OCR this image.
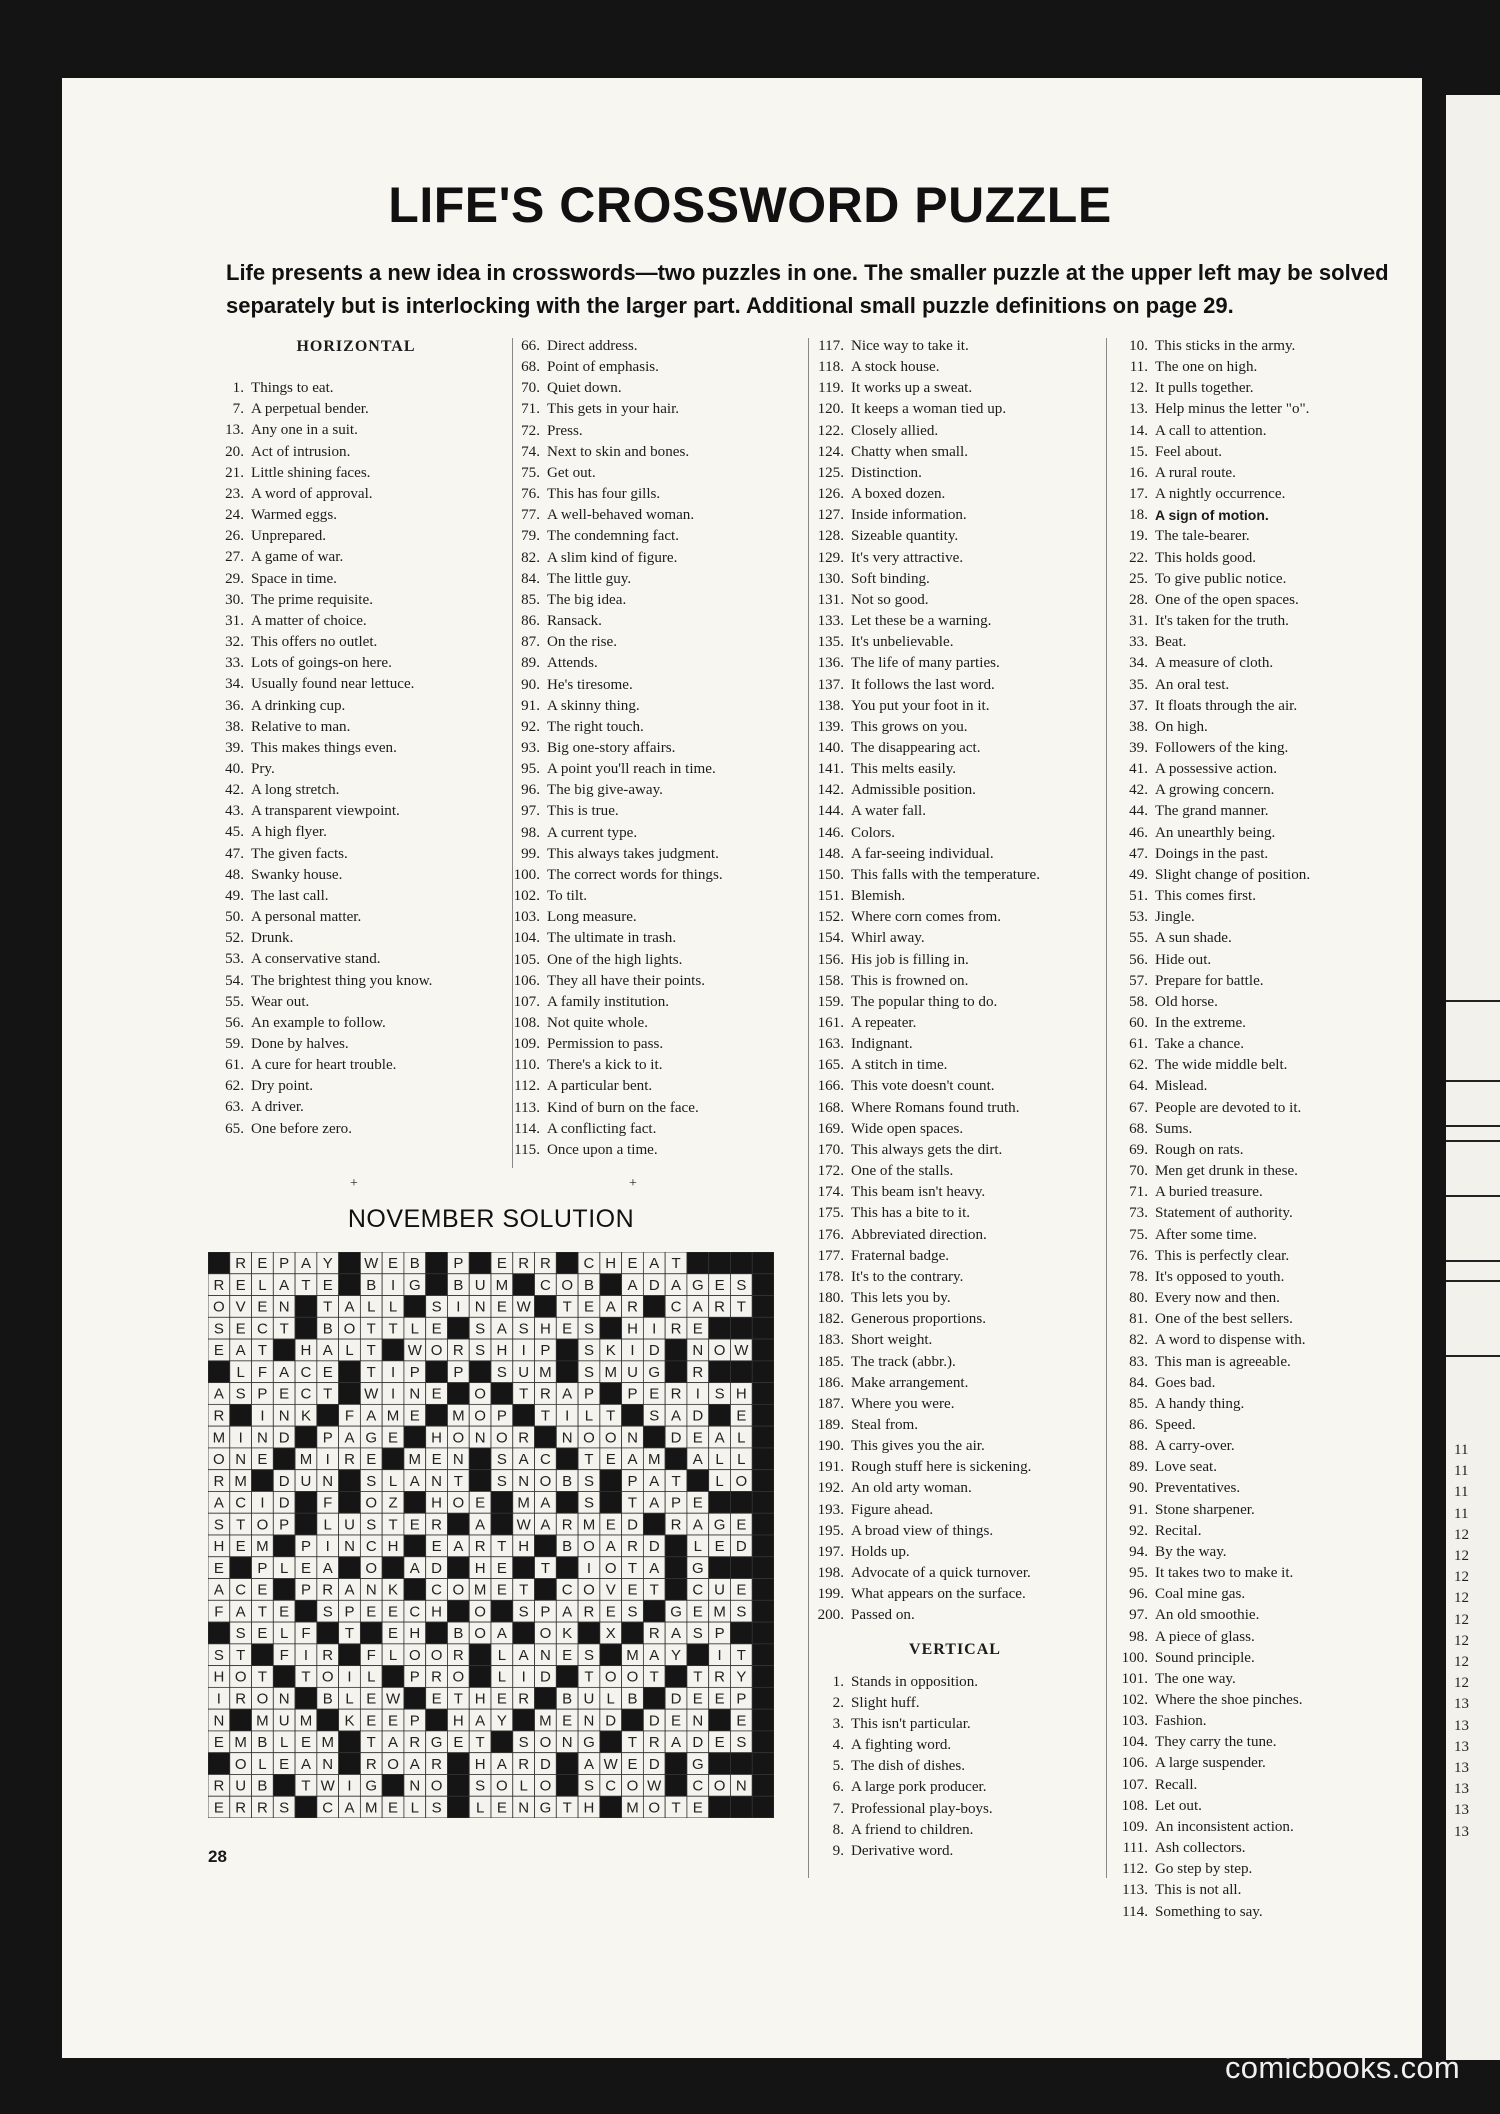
11
11
11
11
12
12
12
12
12
12
12
12
13
13
13
13
13
13
13
LIFE'S CROSSWORD PUZZLE
Life presents a new idea in crosswords—two puzzles in one. The smaller puzzle at the upper left may be solved separately but is interlocking with the larger part. Additional small puzzle definitions on page 29.
HORIZONTAL
1. Things to eat.
7. A perpetual bender.
13. Any one in a suit.
20. Act of intrusion.
21. Little shining faces.
23. A word of approval.
24. Warmed eggs.
26. Unprepared.
27. A game of war.
29. Space in time.
30. The prime requisite.
31. A matter of choice.
32. This offers no outlet.
33. Lots of goings-on here.
34. Usually found near lettuce.
36. A drinking cup.
38. Relative to man.
39. This makes things even.
40. Pry.
42. A long stretch.
43. A transparent viewpoint.
45. A high flyer.
47. The given facts.
48. Swanky house.
49. The last call.
50. A personal matter.
52. Drunk.
53. A conservative stand.
54. The brightest thing you know.
55. Wear out.
56. An example to follow.
59. Done by halves.
61. A cure for heart trouble.
62. Dry point.
63. A driver.
65. One before zero.
66. Direct address.
68. Point of emphasis.
70. Quiet down.
71. This gets in your hair.
72. Press.
74. Next to skin and bones.
75. Get out.
76. This has four gills.
77. A well-behaved woman.
79. The condemning fact.
82. A slim kind of figure.
84. The little guy.
85. The big idea.
86. Ransack.
87. On the rise.
89. Attends.
90. He's tiresome.
91. A skinny thing.
92. The right touch.
93. Big one-story affairs.
95. A point you'll reach in time.
96. The big give-away.
97. This is true.
98. A current type.
99. This always takes judgment.
100. The correct words for things.
102. To tilt.
103. Long measure.
104. The ultimate in trash.
105. One of the high lights.
106. They all have their points.
107. A family institution.
108. Not quite whole.
109. Permission to pass.
110. There's a kick to it.
112. A particular bent.
113. Kind of burn on the face.
114. A conflicting fact.
115. Once upon a time.
117. Nice way to take it.
118. A stock house.
119. It works up a sweat.
120. It keeps a woman tied up.
122. Closely allied.
124. Chatty when small.
125. Distinction.
126. A boxed dozen.
127. Inside information.
128. Sizeable quantity.
129. It's very attractive.
130. Soft binding.
131. Not so good.
133. Let these be a warning.
135. It's unbelievable.
136. The life of many parties.
137. It follows the last word.
138. You put your foot in it.
139. This grows on you.
140. The disappearing act.
141. This melts easily.
142. Admissible position.
144. A water fall.
146. Colors.
148. A far-seeing individual.
150. This falls with the temperature.
151. Blemish.
152. Where corn comes from.
154. Whirl away.
156. His job is filling in.
158. This is frowned on.
159. The popular thing to do.
161. A repeater.
163. Indignant.
165. A stitch in time.
166. This vote doesn't count.
168. Where Romans found truth.
169. Wide open spaces.
170. This always gets the dirt.
172. One of the stalls.
174. This beam isn't heavy.
175. This has a bite to it.
176. Abbreviated direction.
177. Fraternal badge.
178. It's to the contrary.
180. This lets you by.
182. Generous proportions.
183. Short weight.
185. The track (abbr.).
186. Make arrangement.
187. Where you were.
189. Steal from.
190. This gives you the air.
191. Rough stuff here is sickening.
192. An old arty woman.
193. Figure ahead.
195. A broad view of things.
197. Holds up.
198. Advocate of a quick turnover.
199. What appears on the surface.
200. Passed on.
VERTICAL
1. Stands in opposition.
2. Slight huff.
3. This isn't particular.
4. A fighting word.
5. The dish of dishes.
6. A large pork producer.
7. Professional play-boys.
8. A friend to children.
9. Derivative word.
10. This sticks in the army.
11. The one on high.
12. It pulls together.
13. Help minus the letter "o".
14. A call to attention.
15. Feel about.
16. A rural route.
17. A nightly occurrence.
18. A sign of motion.
19. The tale-bearer.
22. This holds good.
25. To give public notice.
28. One of the open spaces.
31. It's taken for the truth.
33. Beat.
34. A measure of cloth.
35. An oral test.
37. It floats through the air.
38. On high.
39. Followers of the king.
41. A possessive action.
42. A growing concern.
44. The grand manner.
46. An unearthly being.
47. Doings in the past.
49. Slight change of position.
51. This comes first.
53. Jingle.
55. A sun shade.
56. Hide out.
57. Prepare for battle.
58. Old horse.
60. In the extreme.
61. Take a chance.
62. The wide middle belt.
64. Mislead.
67. People are devoted to it.
68. Sums.
69. Rough on rats.
70. Men get drunk in these.
71. A buried treasure.
73. Statement of authority.
75. After some time.
76. This is perfectly clear.
78. It's opposed to youth.
80. Every now and then.
81. One of the best sellers.
82. A word to dispense with.
83. This man is agreeable.
84. Goes bad.
85. A handy thing.
86. Speed.
88. A carry-over.
89. Love seat.
90. Preventatives.
91. Stone sharpener.
92. Recital.
94. By the way.
95. It takes two to make it.
96. Coal mine gas.
97. An old smoothie.
98. A piece of glass.
100. Sound principle.
101. The one way.
102. Where the shoe pinches.
103. Fashion.
104. They carry the tune.
106. A large suspender.
107. Recall.
108. Let out.
109. An inconsistent action.
111. Ash collectors.
112. Go step by step.
113. This is not all.
114. Something to say.
+	+
NOVEMBER SOLUTION
R E P A Y W E B P E R R C H E A T
R E L A T E B I G B U M C O B A D A G E S
O V E N T A L L S I N E W T E A R C A R T
S E C T B O T T L E S A S H E S H I R E
E A T H A L T W O R S H I P S K I D N O W
L F A C E T I P P S U M S M U G R
A S P E C T W I N E O T R A P P E R I S H
R I N K F A M E M O P T I L T S A D E
M I N D P A G E H O N O R N O O N D E A L
O N E M I R E M E N S A C T E A M A L L
R M D U N S L A N T S N O B S P A T L O
A C I D F O Z H O E M A S T A P E
S T O P L U S T E R A W A R M E D R A G E
H E M P I N C H E A R T H B O A R D L E D
E P L E A O A D H E T I O T A G
A C E P R A N K C O M E T C O V E T C U E
F A T E S P E E C H O S P A R E S G E M S
S E L F T E H B O A O K X R A S P
S T F I R F L O O R L A N E S M A Y I T
H O T T O I L P R O L I D T O O T T R Y
I R O N B L E W E T H E R B U L B D E E P
N M U M K E E P H A Y M E N D D E N E
E M B L E M T A R G E T S O N G T R A D E S
O L E A N R O A R H A R D A W E D G
R U B T W I G N O S O L O S C O W C O N
E R R S C A M E L S L E N G T H M O T E
28
comicbooks.com
